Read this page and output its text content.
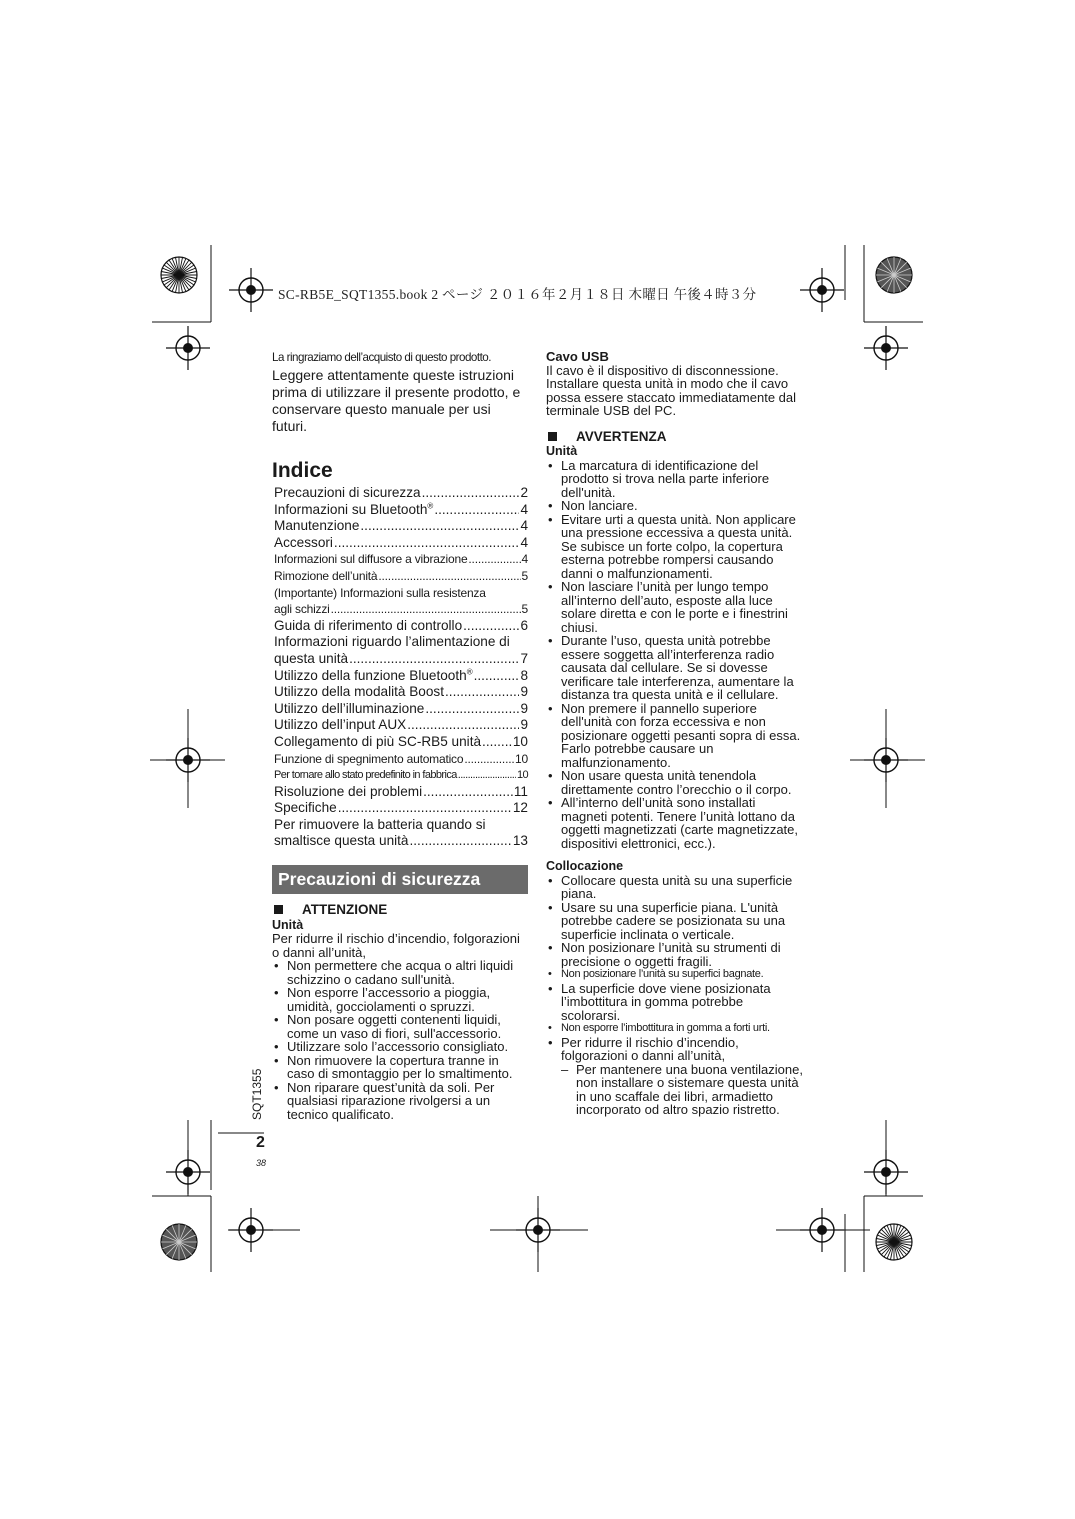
SC-RB5E_SQT1355.book 2 ページ ２０１６年２月１８日 木曜日 午後４時３分
La ringraziamo dell’acquisto di questo prodotto.
Leggere attentamente queste istruzioni prima di utilizzare il presente prodotto, e conservare questo manuale per usi futuri.
Indice
Precauzioni di sicurezza .....	2
Informazioni su Bluetooth® .....	4
Manutenzione .....	4
Accessori .....	4
Informazioni sul diffusore a vibrazione .....	4
Rimozione dell’unità .....	5
(Importante) Informazioni sulla resistenza
agli schizzi .....	5
Guida di riferimento di controllo .....	6
Informazioni riguardo l’alimentazione di
questa unità .....	7
Utilizzo della funzione Bluetooth® .....	8
Utilizzo della modalità Boost .....	9
Utilizzo dell’illuminazione .....	9
Utilizzo dell’input AUX .....	9
Collegamento di più SC-RB5 unità ..... 10
Funzione di spegnimento automatico .....	10
Per tornare allo stato predefinito in fabbrica .....	10
Risoluzione dei problemi .....	11
Specifiche .....	12
Per rimuovere la batteria quando si
smaltisce questa unità .....	13
Precauzioni di sicurezza
ATTENZIONE
Unità
Per ridurre il rischio d’incendio, folgorazioni o danni all’unità,
• Non permettere che acqua o altri liquidi schizzino o cadano sull'unità.
• Non esporre l’accessorio a pioggia, umidità, gocciolamenti o spruzzi.
• Non posare oggetti contenenti liquidi, come un vaso di fiori, sull'accessorio.
• Utilizzare solo l’accessorio consigliato.
• Non rimuovere la copertura tranne in caso di smontaggio per lo smaltimento.
• Non riparare quest’unità da soli. Per qualsiasi riparazione rivolgersi a un tecnico qualificato.
Cavo USB
Il cavo è il dispositivo di disconnessione. Installare questa unità in modo che il cavo possa essere staccato immediatamente dal terminale USB del PC.
AVVERTENZA
Unità
• La marcatura di identificazione del prodotto si trova nella parte inferiore dell'unità.
• Non lanciare.
• Evitare urti a questa unità. Non applicare una pressione eccessiva a questa unità. Se subisce un forte colpo, la copertura esterna potrebbe rompersi causando danni o malfunzionamenti.
• Non lasciare l’unità per lungo tempo all’interno dell’auto, esposte alla luce solare diretta e con le porte e i finestrini chiusi.
• Durante l’uso, questa unità potrebbe essere soggetta all’interferenza radio causata dal cellulare. Se si dovesse verificare tale interferenza, aumentare la distanza tra questa unità e il cellulare.
• Non premere il pannello superiore dell'unità con forza eccessiva e non posizionare oggetti pesanti sopra di essa. Farlo potrebbe causare un malfunzionamento.
• Non usare questa unità tenendola direttamente contro l’orecchio o il corpo.
• All’interno dell’unità sono installati magneti potenti. Tenere l’unità lottano da oggetti magnetizzati (carte magnetizzate, dispositivi elettronici, ecc.).
Collocazione
• Collocare questa unità su una superficie piana.
• Usare su una superficie piana. L'unità potrebbe cadere se posizionata su una superficie inclinata o verticale.
• Non posizionare l’unità su strumenti di precisione o oggetti fragili.
• Non posizionare l’unità su superfici bagnate.
• La superficie dove viene posizionata l’imbottitura in gomma potrebbe scolorarsi.
• Non esporre l’imbottitura in gomma a forti urti.
• Per ridurre il rischio d’incendio, folgorazioni o danni all’unità,
– Per mantenere una buona ventilazione, non installare o sistemare questa unità in uno scaffale dei libri, armadietto incorporato od altro spazio ristretto.
SQT1355
2
38
